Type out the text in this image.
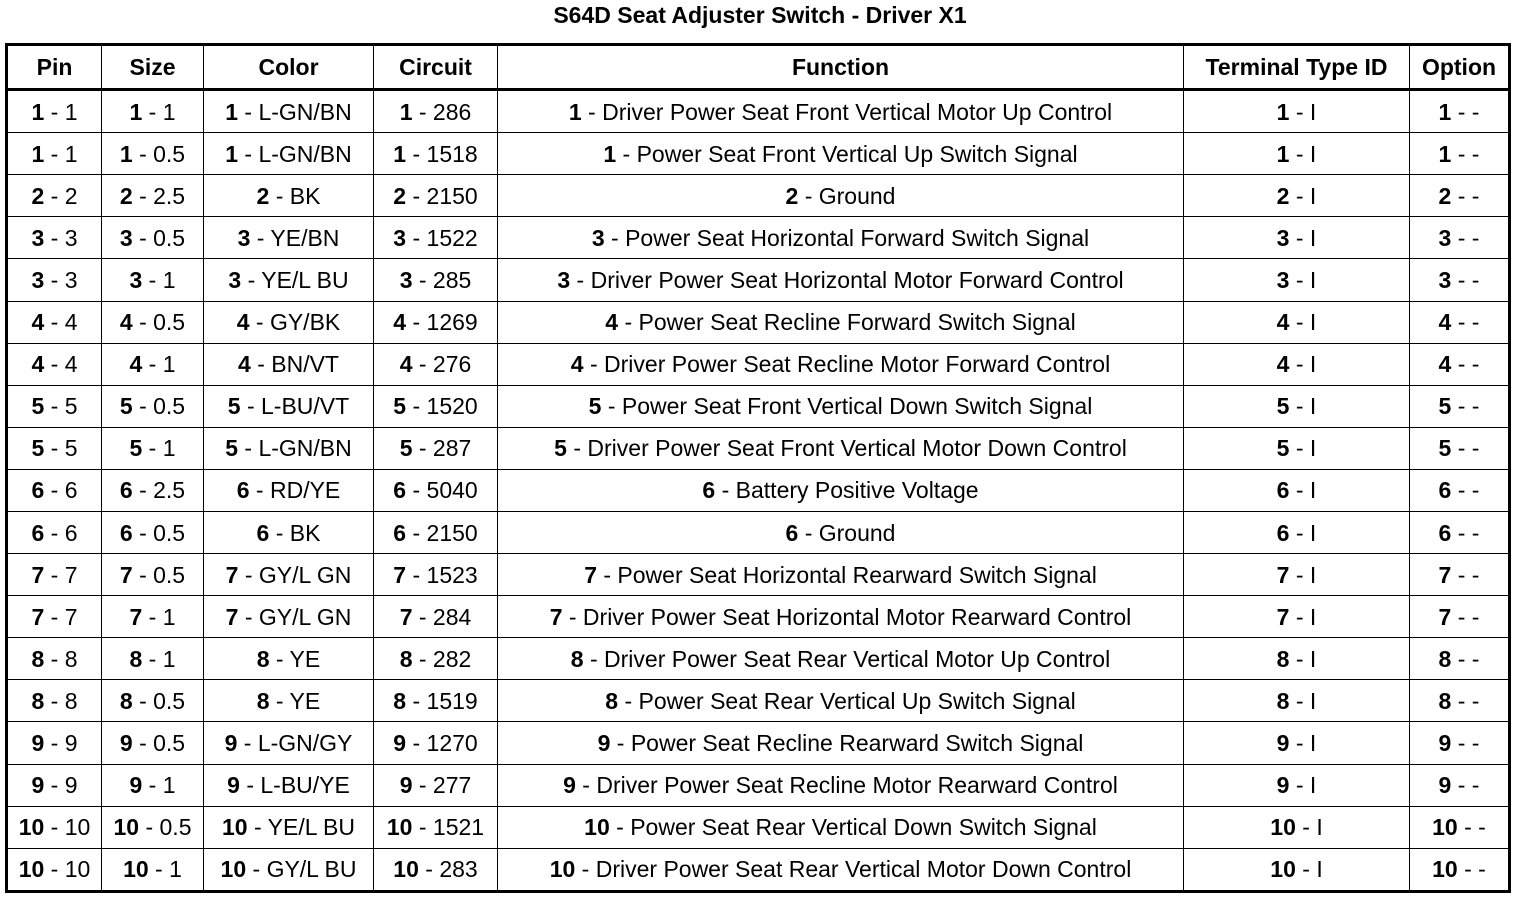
S64D Seat Adjuster Switch - Driver X1
Pin	Size	Color	Circuit	Function	Terminal Type ID	Option
1 - 1	1 - 1	1 - L-GN/BN	1 - 286	1 - Driver Power Seat Front Vertical Motor Up Control	1 - I	1 - -
1 - 1	1 - 0.5	1 - L-GN/BN	1 - 1518	1 - Power Seat Front Vertical Up Switch Signal	1 - I	1 - -
2 - 2	2 - 2.5	2 - BK	2 - 2150	2 - Ground	2 - I	2 - -
3 - 3	3 - 0.5	3 - YE/BN	3 - 1522	3 - Power Seat Horizontal Forward Switch Signal	3 - I	3 - -
3 - 3	3 - 1	3 - YE/L BU	3 - 285	3 - Driver Power Seat Horizontal Motor Forward Control	3 - I	3 - -
4 - 4	4 - 0.5	4 - GY/BK	4 - 1269	4 - Power Seat Recline Forward Switch Signal	4 - I	4 - -
4 - 4	4 - 1	4 - BN/VT	4 - 276	4 - Driver Power Seat Recline Motor Forward Control	4 - I	4 - -
5 - 5	5 - 0.5	5 - L-BU/VT	5 - 1520	5 - Power Seat Front Vertical Down Switch Signal	5 - I	5 - -
5 - 5	5 - 1	5 - L-GN/BN	5 - 287	5 - Driver Power Seat Front Vertical Motor Down Control	5 - I	5 - -
6 - 6	6 - 2.5	6 - RD/YE	6 - 5040	6 - Battery Positive Voltage	6 - I	6 - -
6 - 6	6 - 0.5	6 - BK	6 - 2150	6 - Ground	6 - I	6 - -
7 - 7	7 - 0.5	7 - GY/L GN	7 - 1523	7 - Power Seat Horizontal Rearward Switch Signal	7 - I	7 - -
7 - 7	7 - 1	7 - GY/L GN	7 - 284	7 - Driver Power Seat Horizontal Motor Rearward Control	7 - I	7 - -
8 - 8	8 - 1	8 - YE	8 - 282	8 - Driver Power Seat Rear Vertical Motor Up Control	8 - I	8 - -
8 - 8	8 - 0.5	8 - YE	8 - 1519	8 - Power Seat Rear Vertical Up Switch Signal	8 - I	8 - -
9 - 9	9 - 0.5	9 - L-GN/GY	9 - 1270	9 - Power Seat Recline Rearward Switch Signal	9 - I	9 - -
9 - 9	9 - 1	9 - L-BU/YE	9 - 277	9 - Driver Power Seat Recline Motor Rearward Control	9 - I	9 - -
10 - 10	10 - 0.5	10 - YE/L BU	10 - 1521	10 - Power Seat Rear Vertical Down Switch Signal	10 - I	10 - -
10 - 10	10 - 1	10 - GY/L BU	10 - 283	10 - Driver Power Seat Rear Vertical Motor Down Control	10 - I	10 - -
